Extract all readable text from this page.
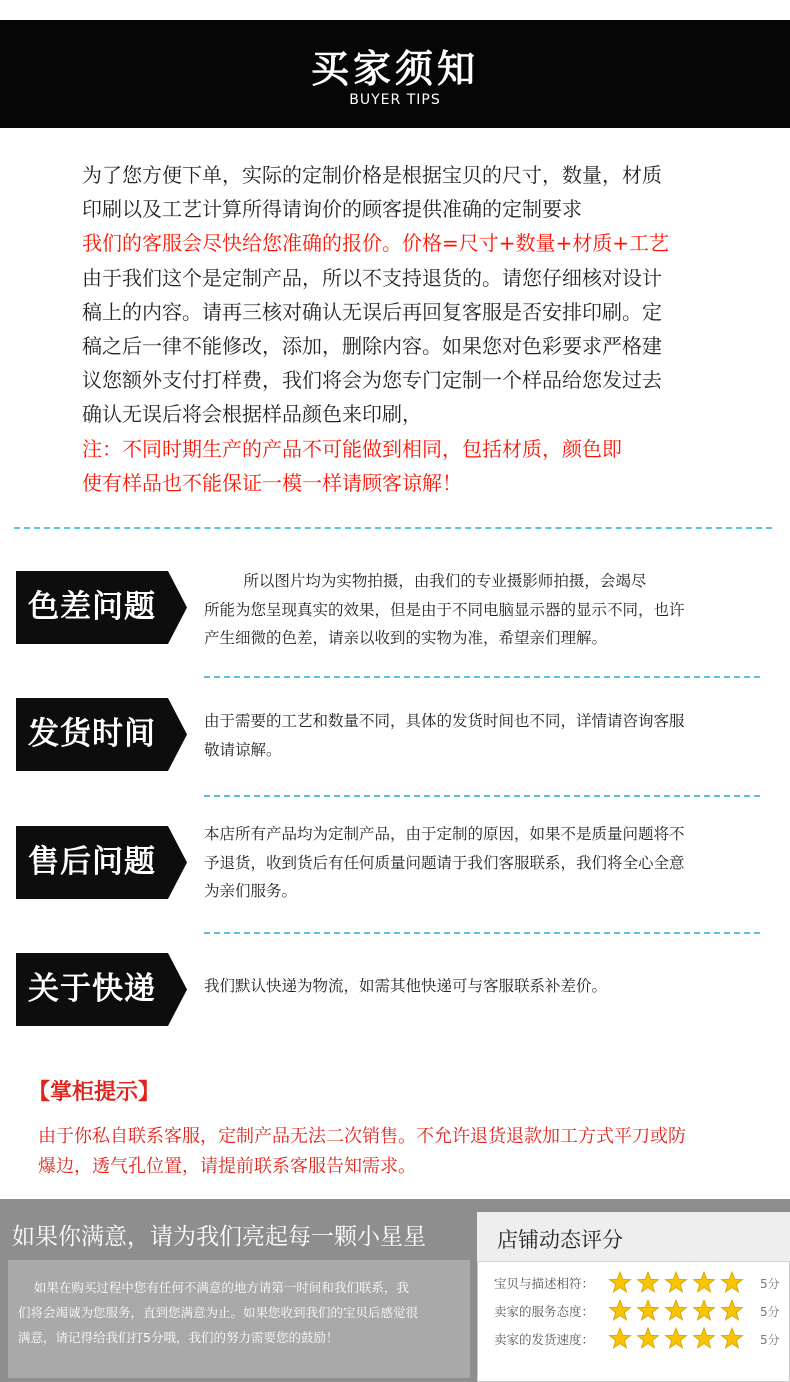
买家须知
BUYER TIPS
为了您方便下单，实际的定制价格是根据宝贝的尺寸，数量，材质
印刷以及工艺计算所得请询价的顾客提供准确的定制要求
我们的客服会尽快给您准确的报价。价格=尺寸+数量+材质+工艺
由于我们这个是定制产品，所以不支持退货的。请您仔细核对设计
稿上的内容。请再三核对确认无误后再回复客服是否安排印刷。定
稿之后一律不能修改，添加，删除内容。如果您对色彩要求严格建
议您额外支付打样费，我们将会为您专门定制一个样品给您发过去
确认无误后将会根据样品颜色来印刷，
注：不同时期生产的产品不可能做到相同，包括材质，颜色即
使有样品也不能保证一模一样请顾客谅解！
色差问题
所以图片均为实物拍摄，由我们的专业摄影师拍摄，会竭尽
所能为您呈现真实的效果，但是由于不同电脑显示器的显示不同，也许
产生细微的色差，请亲以收到的实物为准，希望亲们理解。
发货时间	由于需要的工艺和数量不同，具体的发货时间也不同，详情请咨询客服
敬请谅解。
售后问题
本店所有产品均为定制产品，由于定制的原因，如果不是质量问题将不
予退货，收到货后有任何质量问题请于我们客服联系，我们将全心全意
为亲们服务。
关于快递	我们默认快递为物流，如需其他快递可与客服联系补差价。
【掌柜提示】
由于你私自联系客服，定制产品无法二次销售。不允许退货退款加工方式平刀或防
爆边，透气孔位置，请提前联系客服告知需求。
如果你满意，请为我们亮起每一颗小星星
如果在购买过程中您有任何不满意的地方请第一时间和我们联系，我
们将会竭诚为您服务，直到您满意为止。如果您收到我们的宝贝后感觉很
满意，请记得给我们打5分哦，我们的努力需要您的鼓励！
店铺动态评分
宝贝与描述相符：	5分
卖家的服务态度：	5分
卖家的发货速度：	5分
